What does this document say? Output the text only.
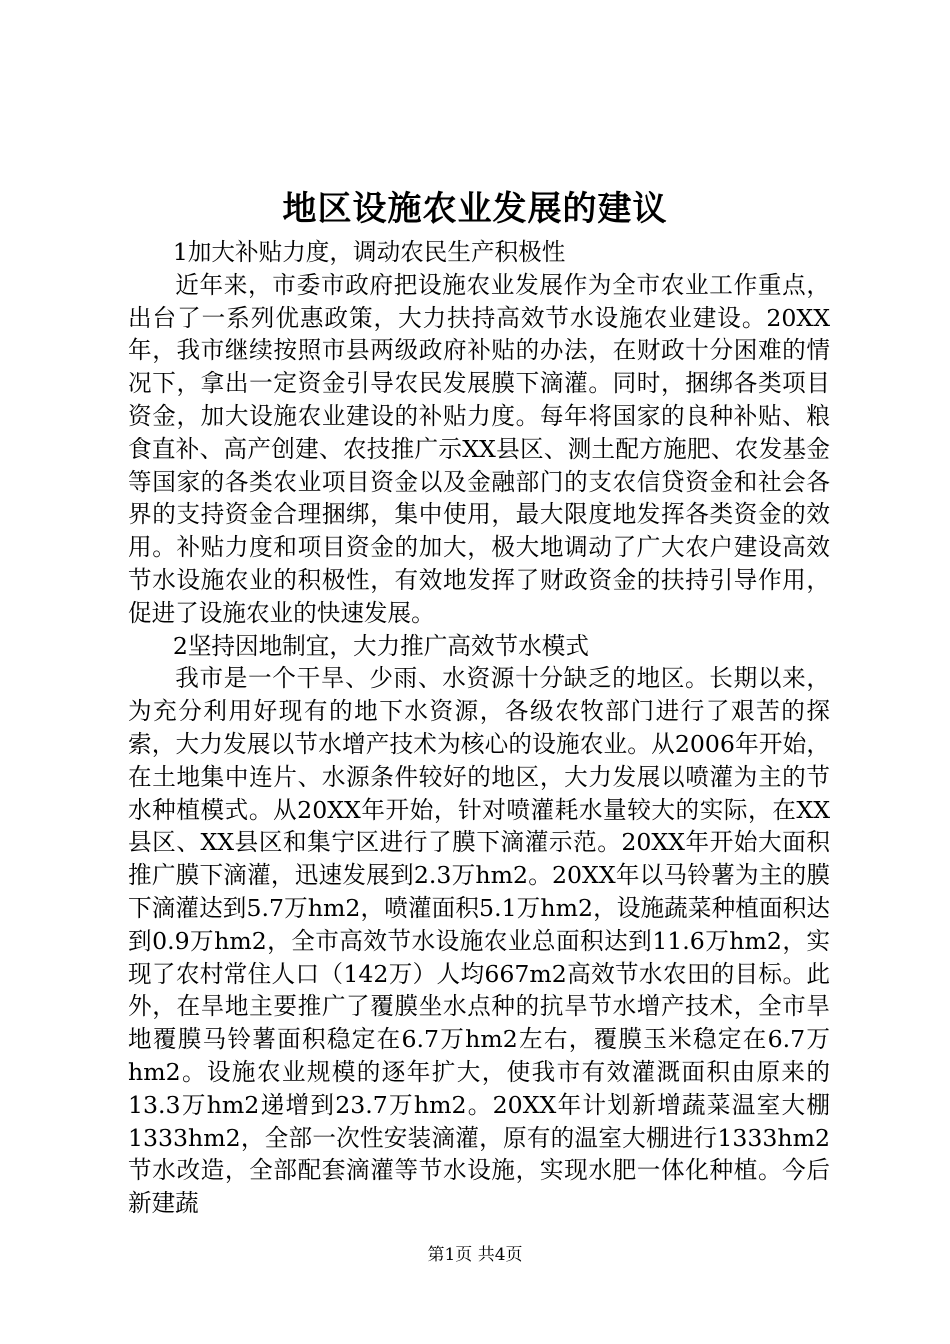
地区设施农业发展的建议

1加大补贴力度，调动农民生产积极性

近年来，市委市政府把设施农业发展作为全市农业工作重点，出台了一系列优惠政策，大力扶持高效节水设施农业建设。20XX年，我市继续按照市县两级政府补贴的办法，在财政十分困难的情况下，拿出一定资金引导农民发展膜下滴灌。同时，捆绑各类项目资金，加大设施农业建设的补贴力度。每年将国家的良种补贴、粮食直补、高产创建、农技推广示XX县区、测土配方施肥、农发基金等国家的各类农业项目资金以及金融部门的支农信贷资金和社会各界的支持资金合理捆绑，集中使用，最大限度地发挥各类资金的效用。补贴力度和项目资金的加大，极大地调动了广大农户建设高效节水设施农业的积极性，有效地发挥了财政资金的扶持引导作用，促进了设施农业的快速发展。

2坚持因地制宜，大力推广高效节水模式

我市是一个干旱、少雨、水资源十分缺乏的地区。长期以来，为充分利用好现有的地下水资源，各级农牧部门进行了艰苦的探索，大力发展以节水增产技术为核心的设施农业。从2006年开始，在土地集中连片、水源条件较好的地区，大力发展以喷灌为主的节水种植模式。从20XX年开始，针对喷灌耗水量较大的实际，在XX县区、XX县区和集宁区进行了膜下滴灌示范。20XX年开始大面积推广膜下滴灌，迅速发展到2.3万hm2。20XX年以马铃薯为主的膜下滴灌达到5.7万hm2，喷灌面积5.1万hm2，设施蔬菜种植面积达到0.9万hm2，全市高效节水设施农业总面积达到11.6万hm2，实现了农村常住人口（142万）人均667m2高效节水农田的目标。此外，在旱地主要推广了覆膜坐水点种的抗旱节水增产技术，全市旱地覆膜马铃薯面积稳定在6.7万hm2左右，覆膜玉米稳定在6.7万hm2。设施农业规模的逐年扩大，使我市有效灌溉面积由原来的13.3万hm2递增到23.7万hm2。20XX年计划新增蔬菜温室大棚1333hm2，全部一次性安装滴灌，原有的温室大棚进行1333hm2节水改造，全部配套滴灌等节水设施，实现水肥一体化种植。今后新建蔬

第1页 共4页
